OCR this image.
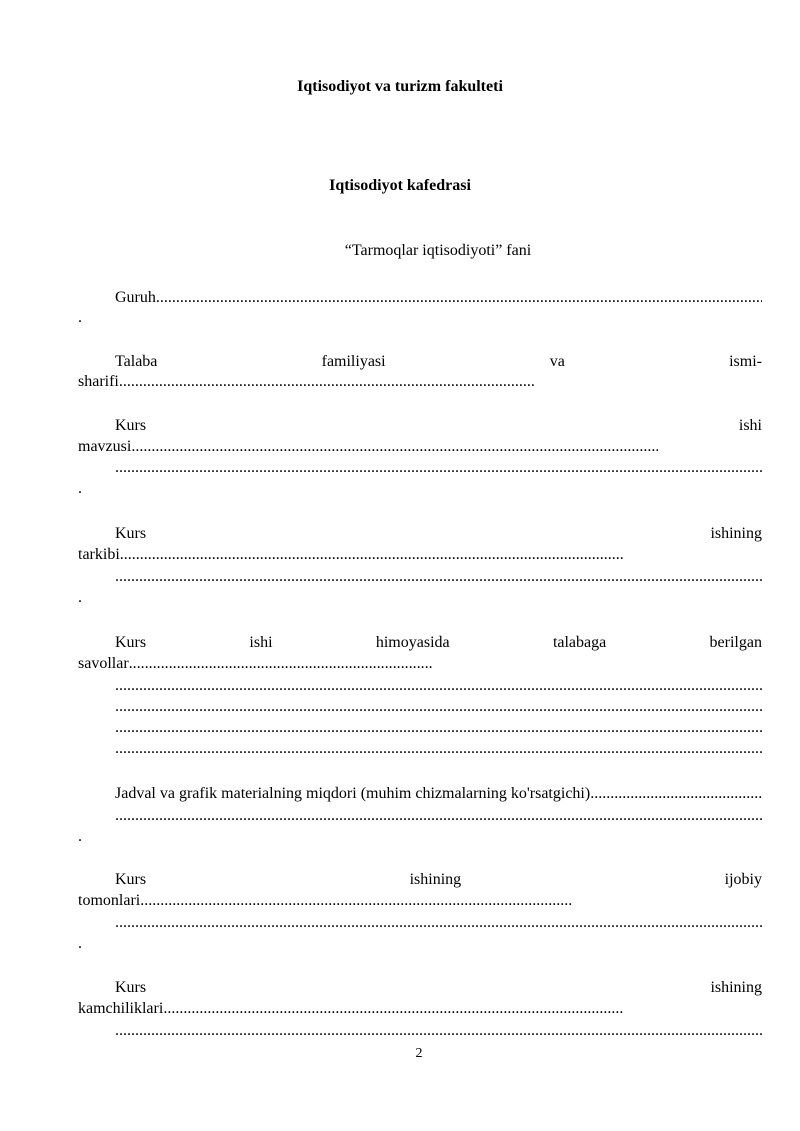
Iqtisodiyot va turizm fakulteti
Iqtisodiyot kafedrasi
“Tarmoqlar iqtisodiyoti” fani
Guruh
.....
.
Talaba	familiyasi	va	ismi-
sharifi
.....
Kurs	ishi
mavzusi
.....
.....
.
Kurs	ishining
tarkibi
.....
.....
.
Kurs	ishi	himoyasida	talabaga	berilgan
savollar
.....
.....
.....
.....
.....
Jadval va grafik materialning miqdori (muhim chizmalarning ko'rsatgichi)
.....
.....
.
Kurs	ishining	ijobiy
tomonlari
.....
.....
.
Kurs	ishining
kamchiliklari
.....
.....
2
